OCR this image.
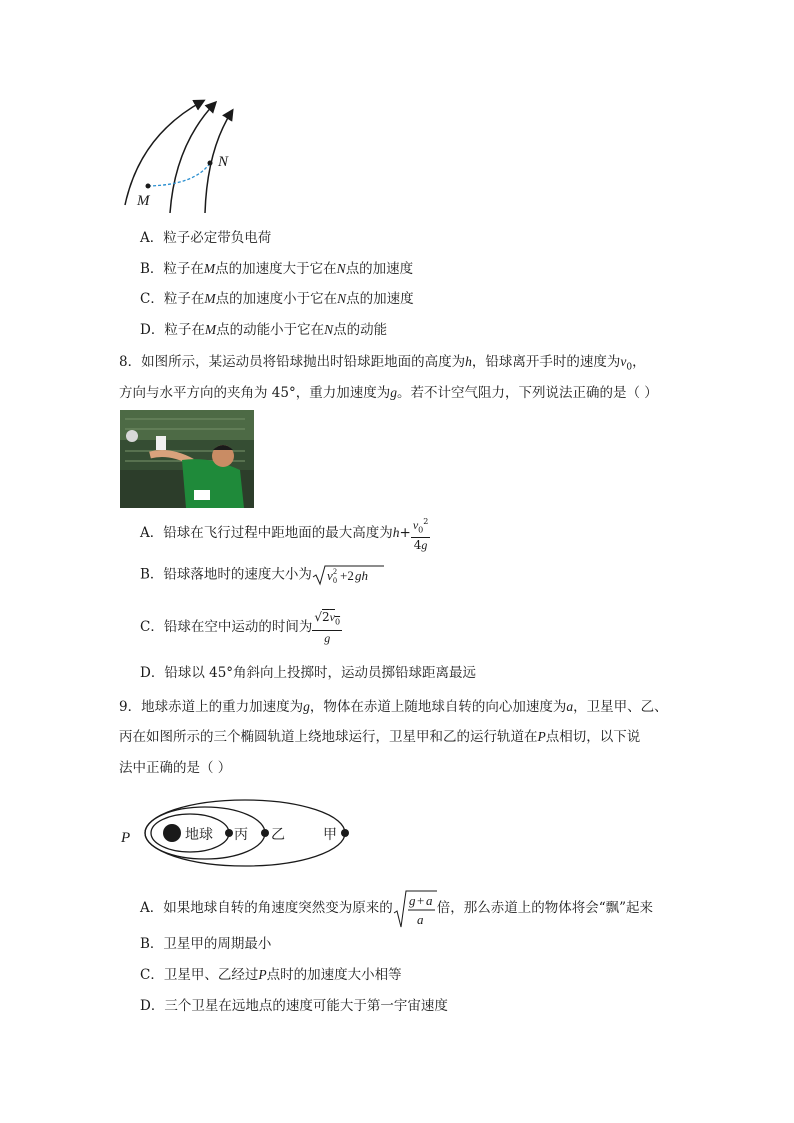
M
N
A．粒子必定带负电荷
B．粒子在M点的加速度大于它在N点的加速度
C．粒子在M点的加速度小于它在N点的加速度
D．粒子在M点的动能小于它在N点的动能
8．如图所示，某运动员将铅球抛出时铅球距地面的高度为h，铅球离开手时的速度为$v_0$，
方向与水平方向的夹角为 45°，重力加速度为g。若不计空气阻力，下列说法正确的是（ ）
A．铅球在飞行过程中距地面的最大高度为$h+ \frac{v_0^2}{4g}$
B．铅球落地时的速度大小为 v 0
2 +2 gh
C．铅球在空中运动的时间为 $\frac{√2v_0}{g}$
D．铅球以 45°角斜向上投掷时，运动员掷铅球距离最远
9．地球赤道上的重力加速度为g，物体在赤道上随地球自转的向心加速度为a，卫星甲、乙、
丙在如图所示的三个椭圆轨道上绕地球运行，卫星甲和乙的运行轨道在P点相切，以下说
法中正确的是（ ）
P	地球 丙 乙	甲
A．如果地球自转的角速度突然变为原来的 g + a
a
倍，那么赤道上的物体将会“飘”起来
B．卫星甲的周期最小
C．卫星甲、乙经过P点时的加速度大小相等
D．三个卫星在远地点的速度可能大于第一宇宙速度
